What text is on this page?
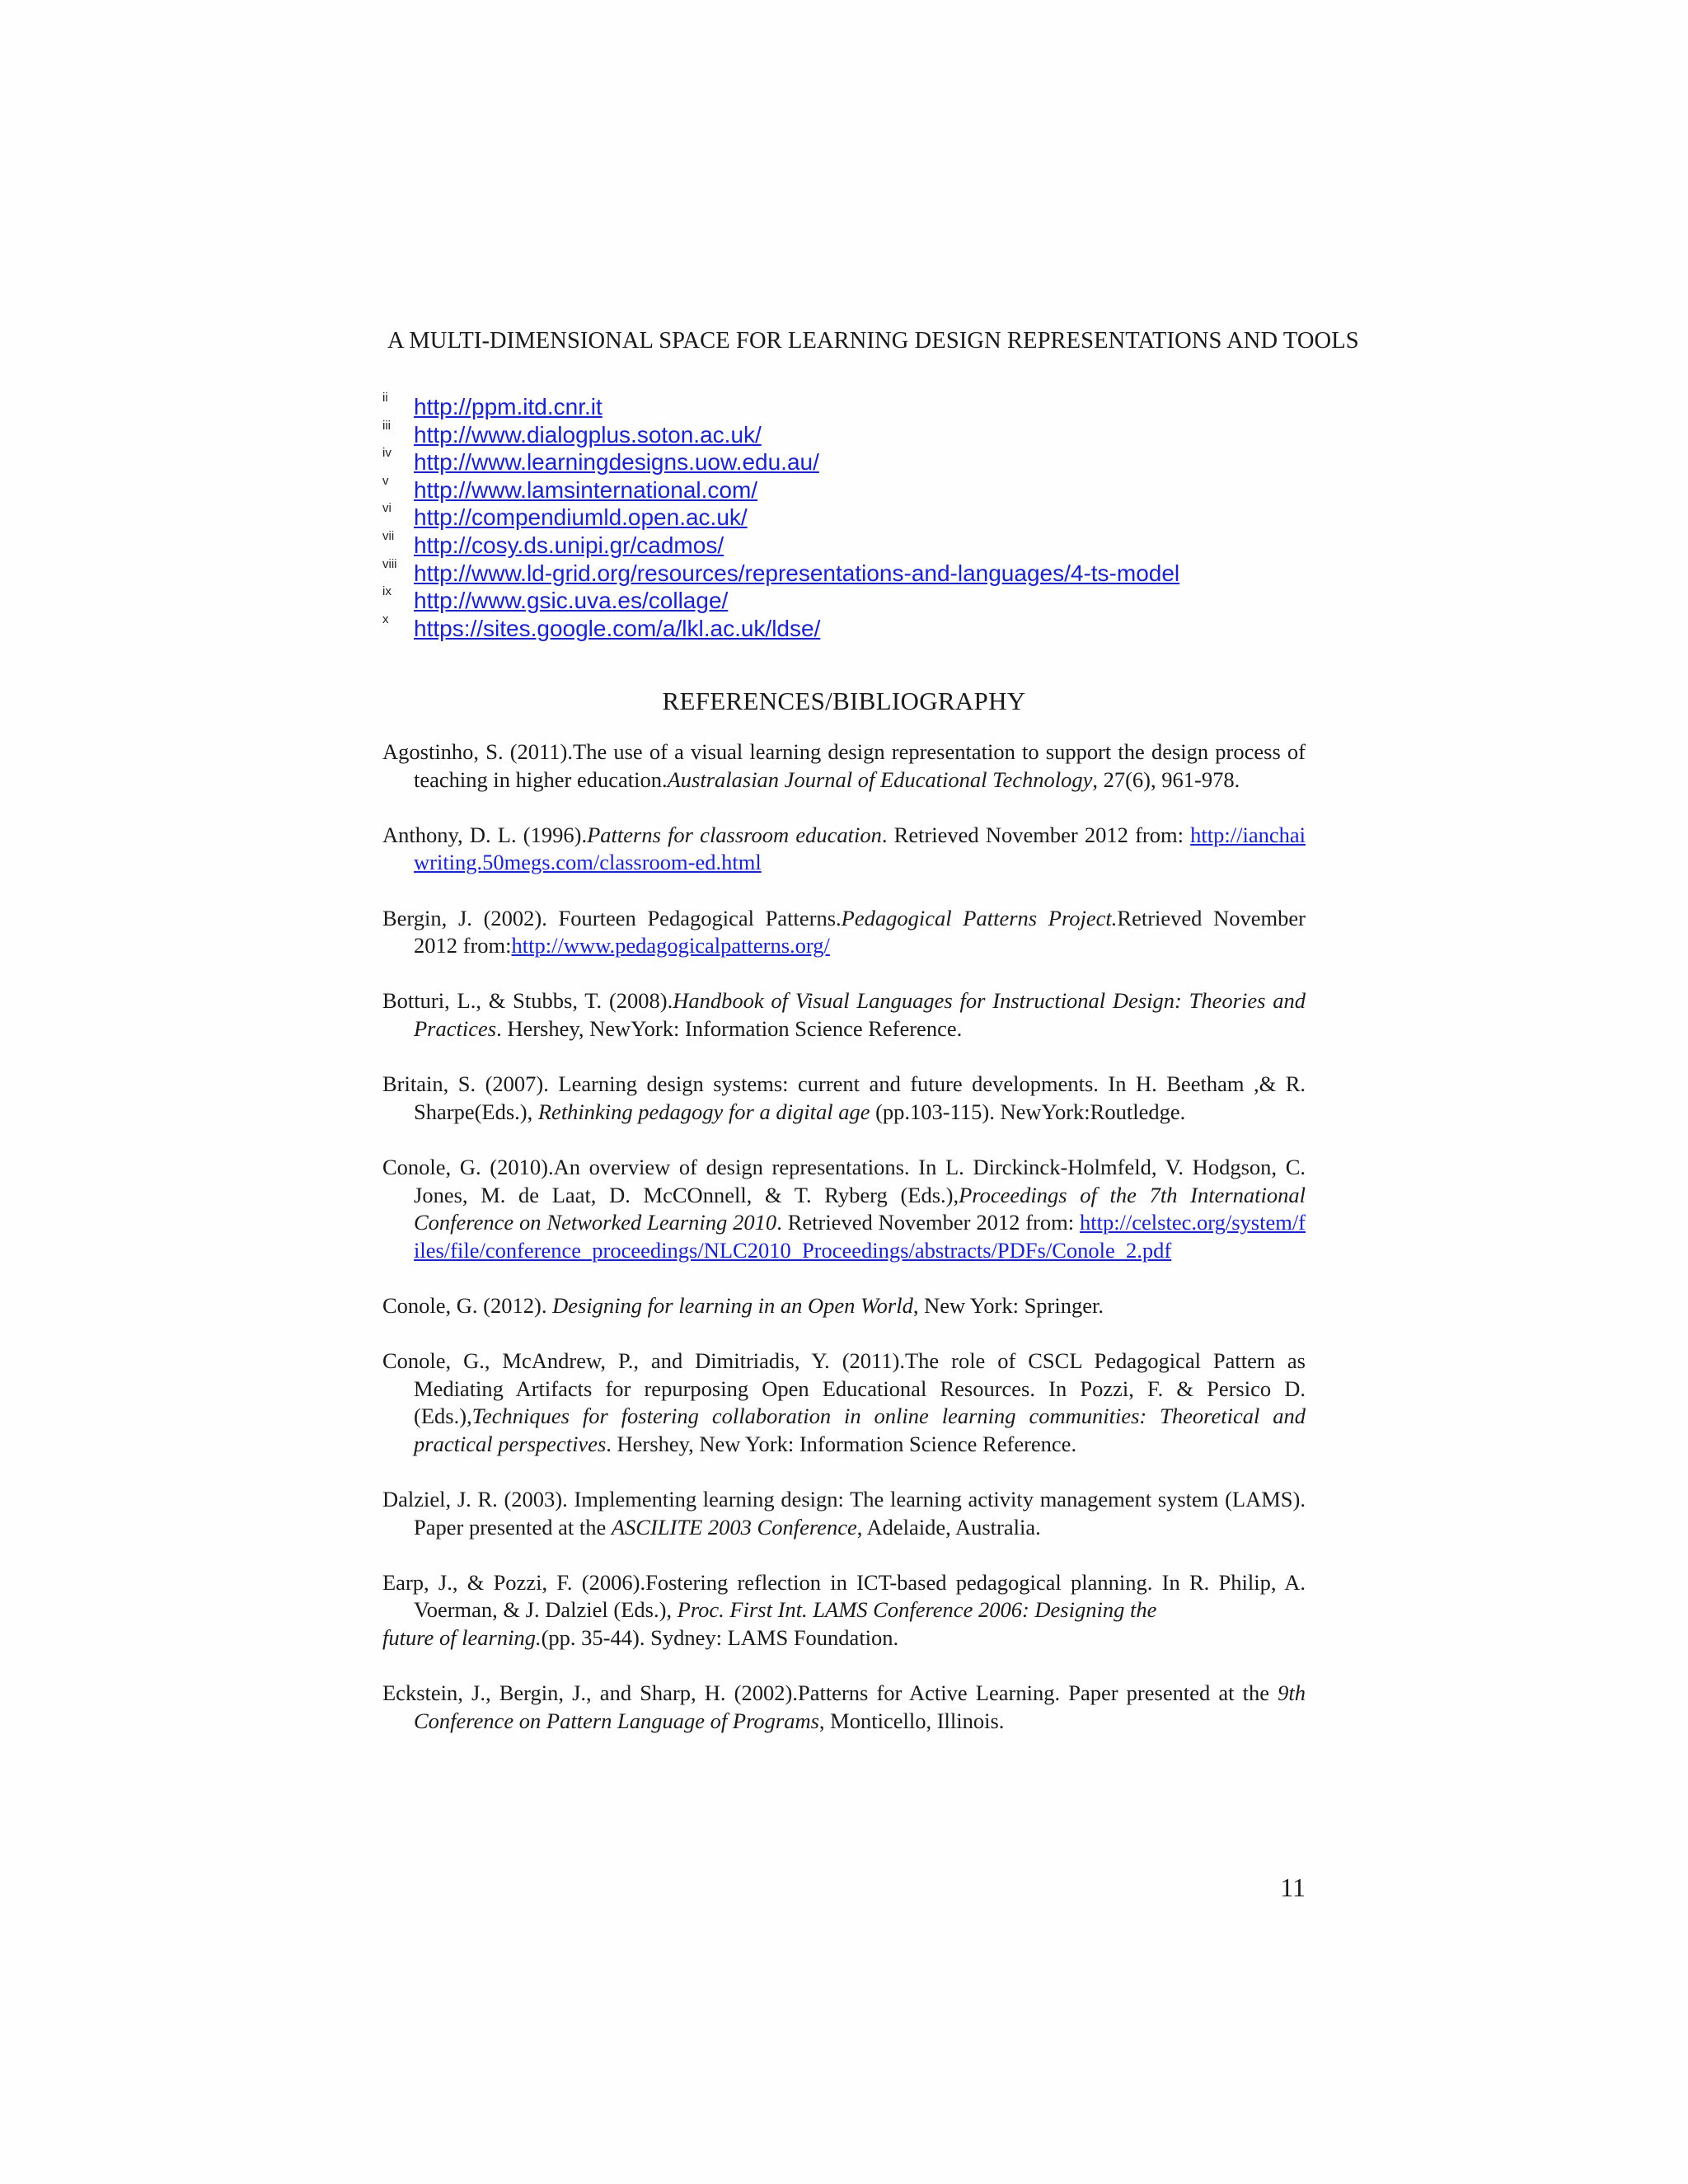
A MULTI-DIMENSIONAL SPACE FOR LEARNING DESIGN REPRESENTATIONS AND TOOLS
ii http://ppm.itd.cnr.it
iii http://www.dialogplus.soton.ac.uk/
iv http://www.learningdesigns.uow.edu.au/
v http://www.lamsinternational.com/
vi http://compendiumld.open.ac.uk/
vii http://cosy.ds.unipi.gr/cadmos/
viii http://www.ld-grid.org/resources/representations-and-languages/4-ts-model
ix http://www.gsic.uva.es/collage/
x https://sites.google.com/a/lkl.ac.uk/ldse/
REFERENCES/BIBLIOGRAPHY

Agostinho, S. (2011).The use of a visual learning design representation to support the design process of teaching in higher education.Australasian Journal of Educational Technology, 27(6), 961-978.

Anthony, D. L. (1996).Patterns for classroom education. Retrieved November 2012 from: http://ianchaiwriting.50megs.com/classroom-ed.html

Bergin, J. (2002). Fourteen Pedagogical Patterns.Pedagogical Patterns Project.Retrieved November 2012 from:http://www.pedagogicalpatterns.org/

Botturi, L., & Stubbs, T. (2008).Handbook of Visual Languages for Instructional Design: Theories and Practices. Hershey, NewYork: Information Science Reference.

Britain, S. (2007). Learning design systems: current and future developments. In H. Beetham ,& R. Sharpe(Eds.), Rethinking pedagogy for a digital age (pp.103-115). NewYork:Routledge.

Conole, G. (2010).An overview of design representations. In L. Dirckinck-Holmfeld, V. Hodgson, C. Jones, M. de Laat, D. McCOnnell, & T. Ryberg (Eds.),Proceedings of the 7th International Conference on Networked Learning 2010. Retrieved November 2012 from: http://celstec.org/system/files/file/conference_proceedings/NLC2010_Proceedings/abstracts/PDFs/Conole_2.pdf

Conole, G. (2012). Designing for learning in an Open World, New York: Springer.

Conole, G., McAndrew, P., and Dimitriadis, Y. (2011).The role of CSCL Pedagogical Pattern as Mediating Artifacts for repurposing Open Educational Resources. In Pozzi, F. & Persico D. (Eds.),Techniques for fostering collaboration in online learning communities: Theoretical and practical perspectives. Hershey, New York: Information Science Reference.

Dalziel, J. R. (2003). Implementing learning design: The learning activity management system (LAMS). Paper presented at the ASCILITE 2003 Conference, Adelaide, Australia.

Earp, J., & Pozzi, F. (2006).Fostering reflection in ICT-based pedagogical planning. In R. Philip, A. Voerman, & J. Dalziel (Eds.), Proc. First Int. LAMS Conference 2006: Designing the
future of learning.(pp. 35-44). Sydney: LAMS Foundation.

Eckstein, J., Bergin, J., and Sharp, H. (2002).Patterns for Active Learning. Paper presented at the 9th Conference on Pattern Language of Programs, Monticello, Illinois.

11
